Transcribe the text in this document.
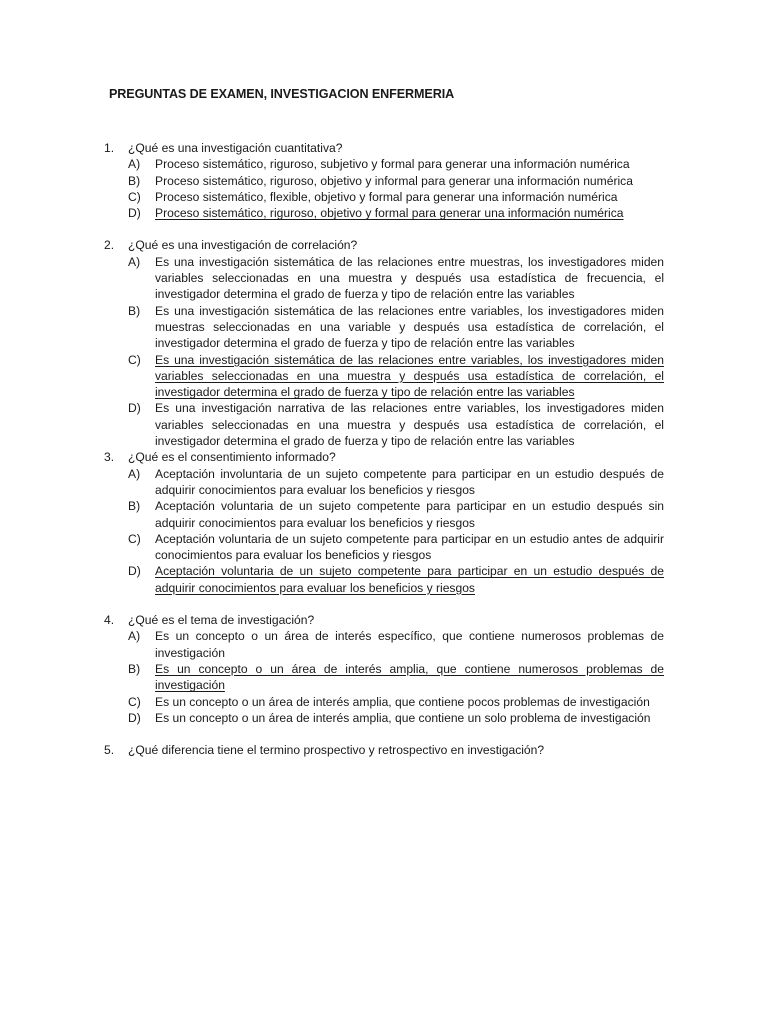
PREGUNTAS DE EXAMEN, INVESTIGACION ENFERMERIA
1.	¿Qué es una investigación cuantitativa?
A)	Proceso sistemático, riguroso, subjetivo y formal para generar una información numérica
B)	Proceso sistemático, riguroso, objetivo y informal para generar una información numérica
C)	Proceso sistemático, flexible, objetivo y formal para generar una información numérica
D)	Proceso sistemático, riguroso, objetivo y formal para generar una información numérica
2.	¿Qué es una investigación de correlación?
A)	Es una investigación sistemática de las relaciones entre muestras, los investigadores miden variables seleccionadas en una muestra y después usa estadística de frecuencia, el investigador determina el grado de fuerza y tipo de relación entre las variables
B)	Es una investigación sistemática de las relaciones entre variables, los investigadores miden muestras seleccionadas en una variable y después usa estadística de correlación, el investigador determina el grado de fuerza y tipo de relación entre las variables
C)	Es una investigación sistemática de las relaciones entre variables, los investigadores miden variables seleccionadas en una muestra y después usa estadística de correlación, el investigador determina el grado de fuerza y tipo de relación entre las variables
D)	Es una investigación narrativa de las relaciones entre variables, los investigadores miden variables seleccionadas en una muestra y después usa estadística de correlación, el investigador determina el grado de fuerza y tipo de relación entre las variables
3.	¿Qué es el consentimiento informado?
A)	Aceptación involuntaria de un sujeto competente para participar en un estudio después de adquirir conocimientos para evaluar los beneficios y riesgos
B)	Aceptación voluntaria de un sujeto competente para participar en un estudio después sin adquirir conocimientos para evaluar los beneficios y riesgos
C)	Aceptación voluntaria de un sujeto competente para participar en un estudio antes de adquirir conocimientos para evaluar los beneficios y riesgos
D)	Aceptación voluntaria de un sujeto competente para participar en un estudio después de adquirir conocimientos para evaluar los beneficios y riesgos
4.	¿Qué es el tema de investigación?
A)	Es un concepto o un área de interés específico, que contiene numerosos problemas de investigación
B)	Es un concepto o un área de interés amplia, que contiene numerosos problemas de investigación
C)	Es un concepto o un área de interés amplia, que contiene pocos problemas de investigación
D)	Es un concepto o un área de interés amplia, que contiene un solo problema de investigación
5.	¿Qué diferencia tiene el termino prospectivo y retrospectivo en investigación?
